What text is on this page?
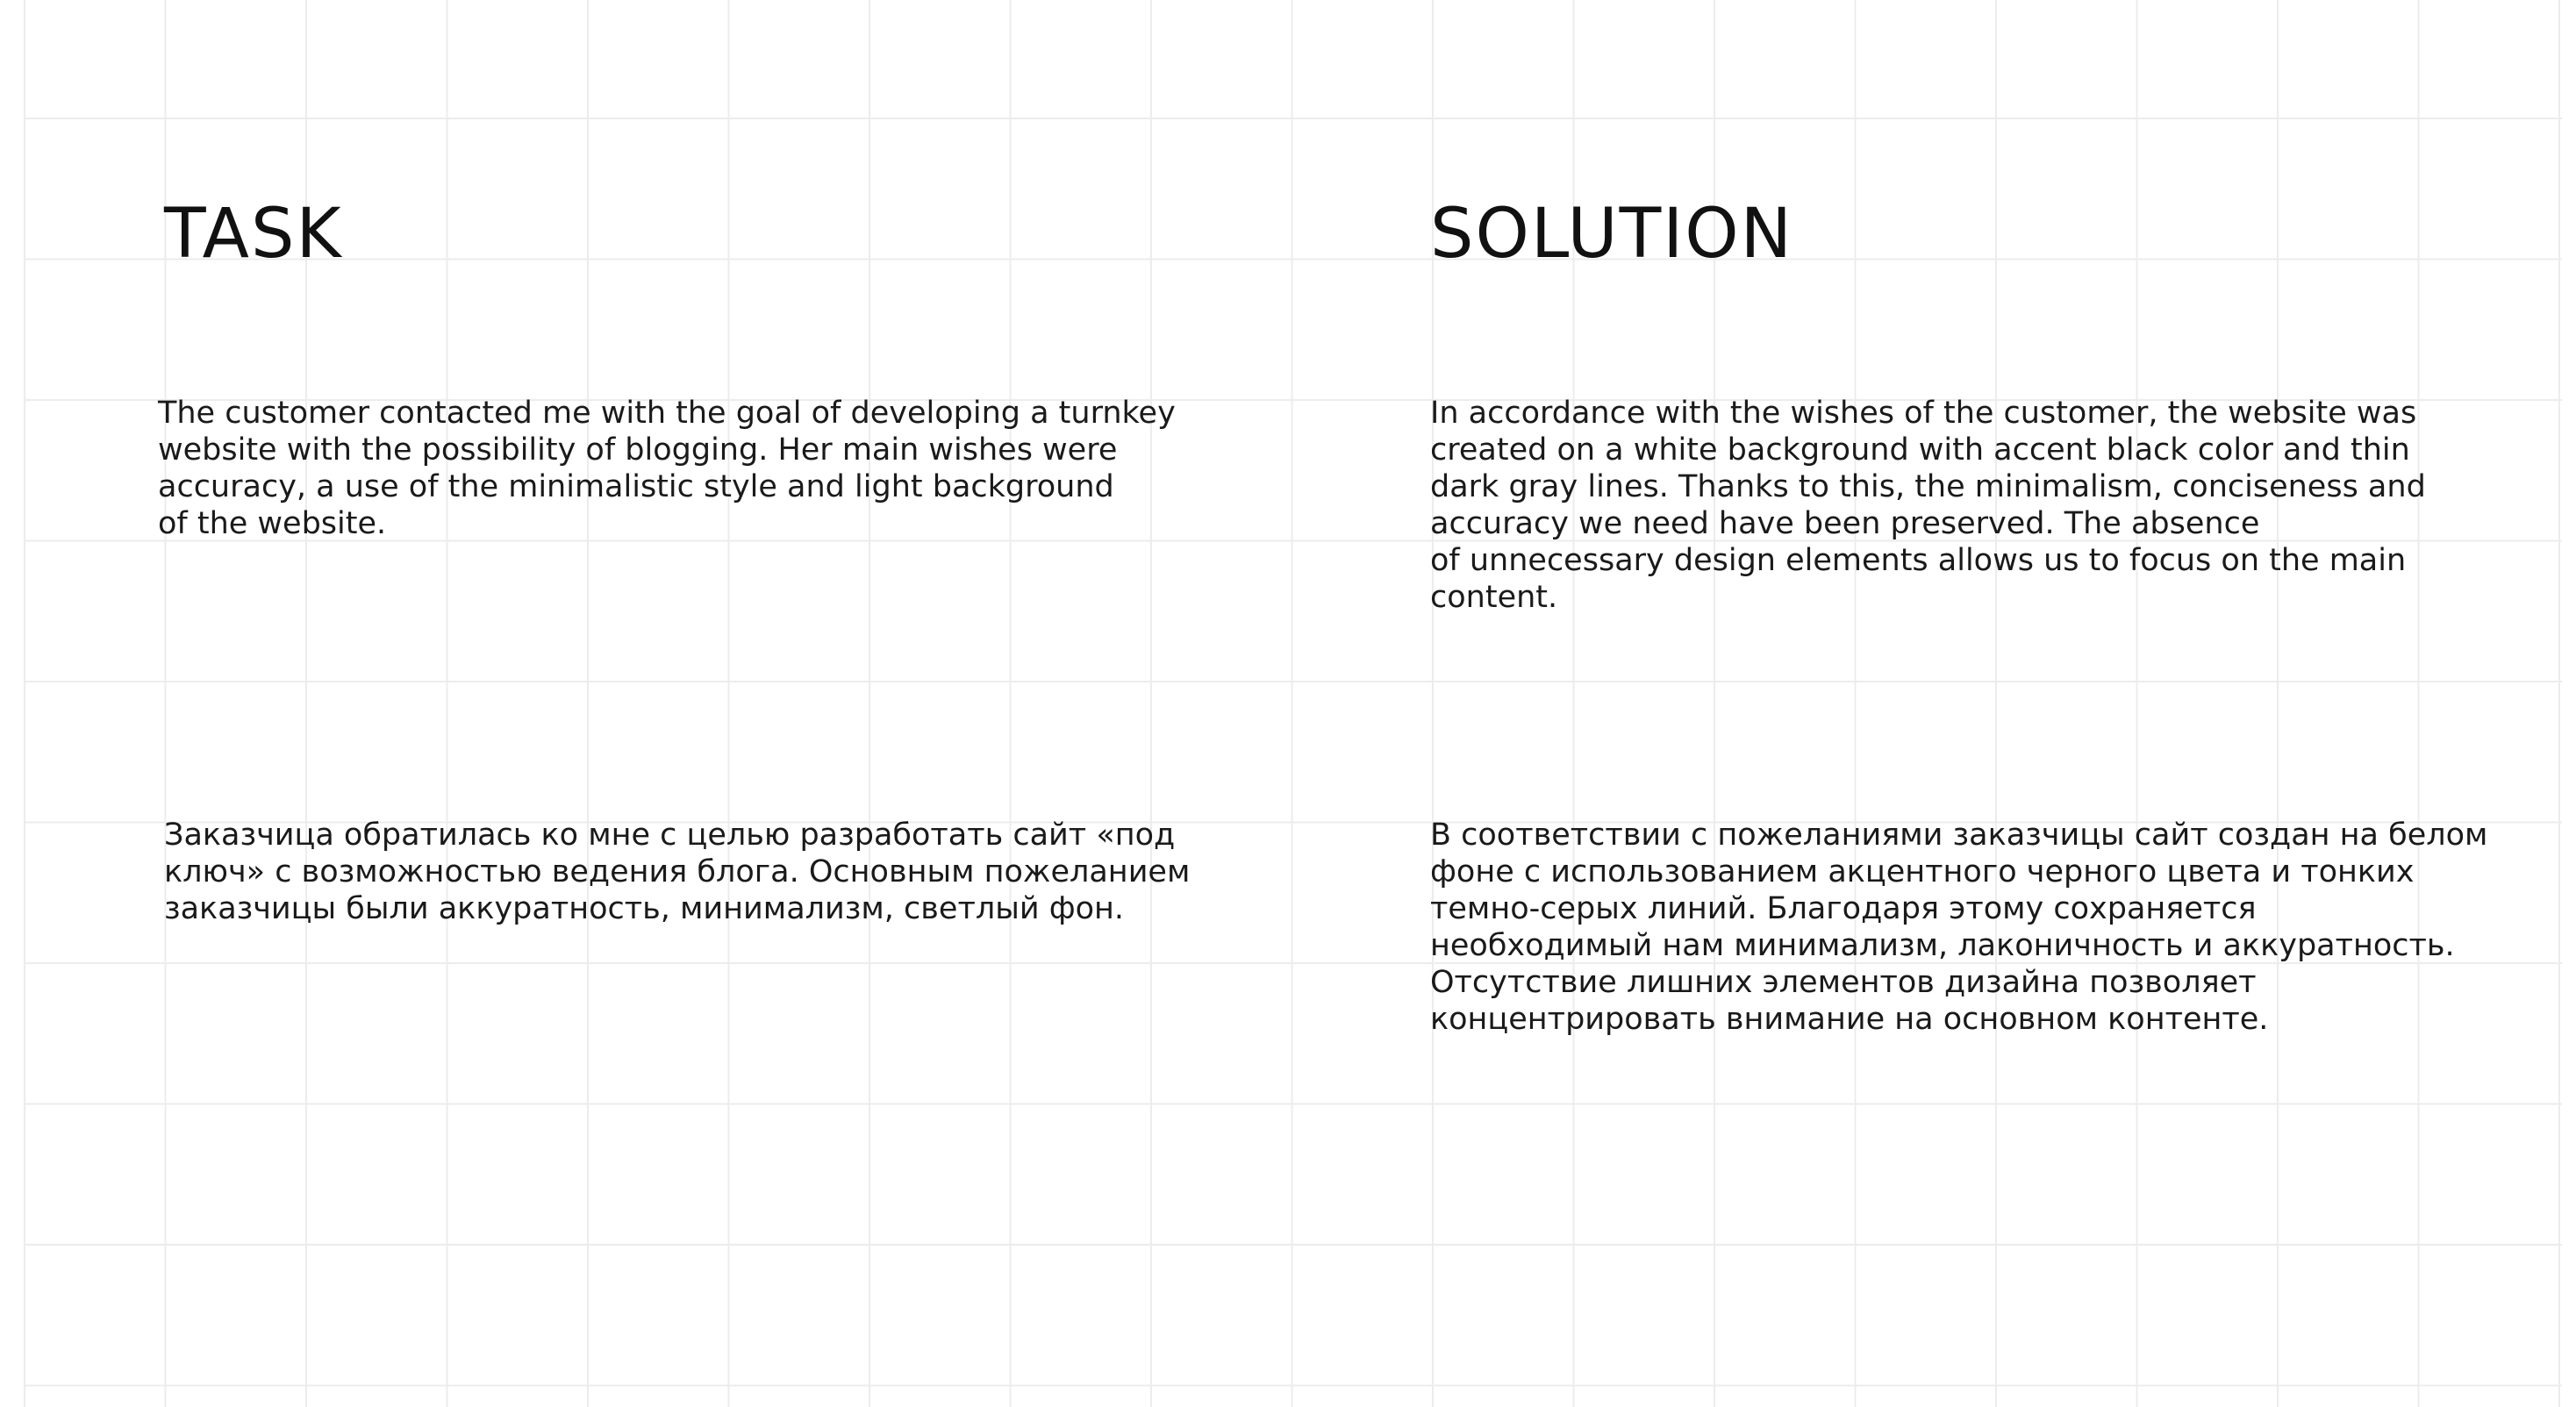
TASK	SOLUTION

The customer contacted me with the goal of developing a turnkey
website with the possibility of blogging. Her main wishes were
accuracy, a use of the minimalistic style and light background
of the website.

In accordance with the wishes of the customer, the website was
created on a white background with accent black color and thin
dark gray lines. Thanks to this, the minimalism, conciseness and
accuracy we need have been preserved. The absence
of unnecessary design elements allows us to focus on the main
content.

Заказчица обратилась ко мне с целью разработать сайт «под
ключ» с возможностью ведения блога. Основным пожеланием
заказчицы были аккуратность, минимализм, светлый фон.

В соответствии с пожеланиями заказчицы сайт создан на белом
фоне с использованием акцентного черного цвета и тонких
темно-серых линий. Благодаря этому сохраняется
необходимый нам минимализм, лаконичность и аккуратность.
Отсутствие лишних элементов дизайна позволяет
концентрировать внимание на основном контенте.
